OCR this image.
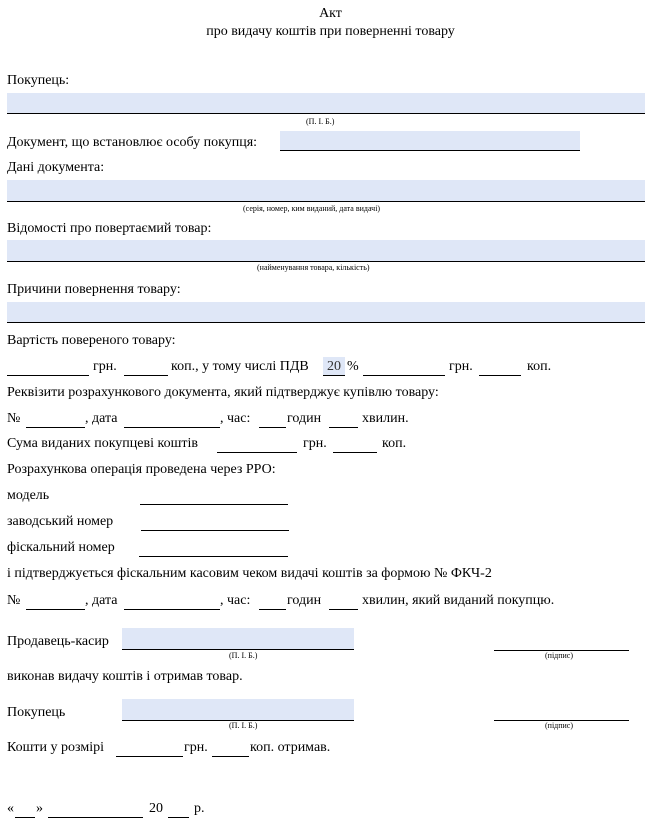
Акт
про видачу коштів при поверненні товару
Покупець:
(П. І. Б.)
Документ, що встановлює особу покупця:
Дані документа:
(серія, номер, ким виданий, дата видачі)
Відомості про повертаємий товар:
(найменування товара, кількість)
Причини повернення товару:
Вартість повереного товару:
грн.	коп., у тому числі ПДВ 20 %	грн.	коп.
Реквізити розрахункового документа, який підтверджує купівлю товару:
№	, дата	, час:	годин	хвилин.
Сума виданих покупцеві коштів	грн.	коп.
Розрахункова операція проведена через РРО:
модель
заводський номер
фіскальний номер
і підтверджується фіскальним касовим чеком видачі коштів за формою № ФКЧ-2
№	, дата	, час:	годин	хвилин, який виданий покупцю.
Продавець-касир
(П. І. Б.)	(підпис)
виконав видачу коштів і отримав товар.
Покупець
(П. І. Б.)	(підпис)
Кошти у розмірі	грн.	коп. отримав.
« »	20 р.
